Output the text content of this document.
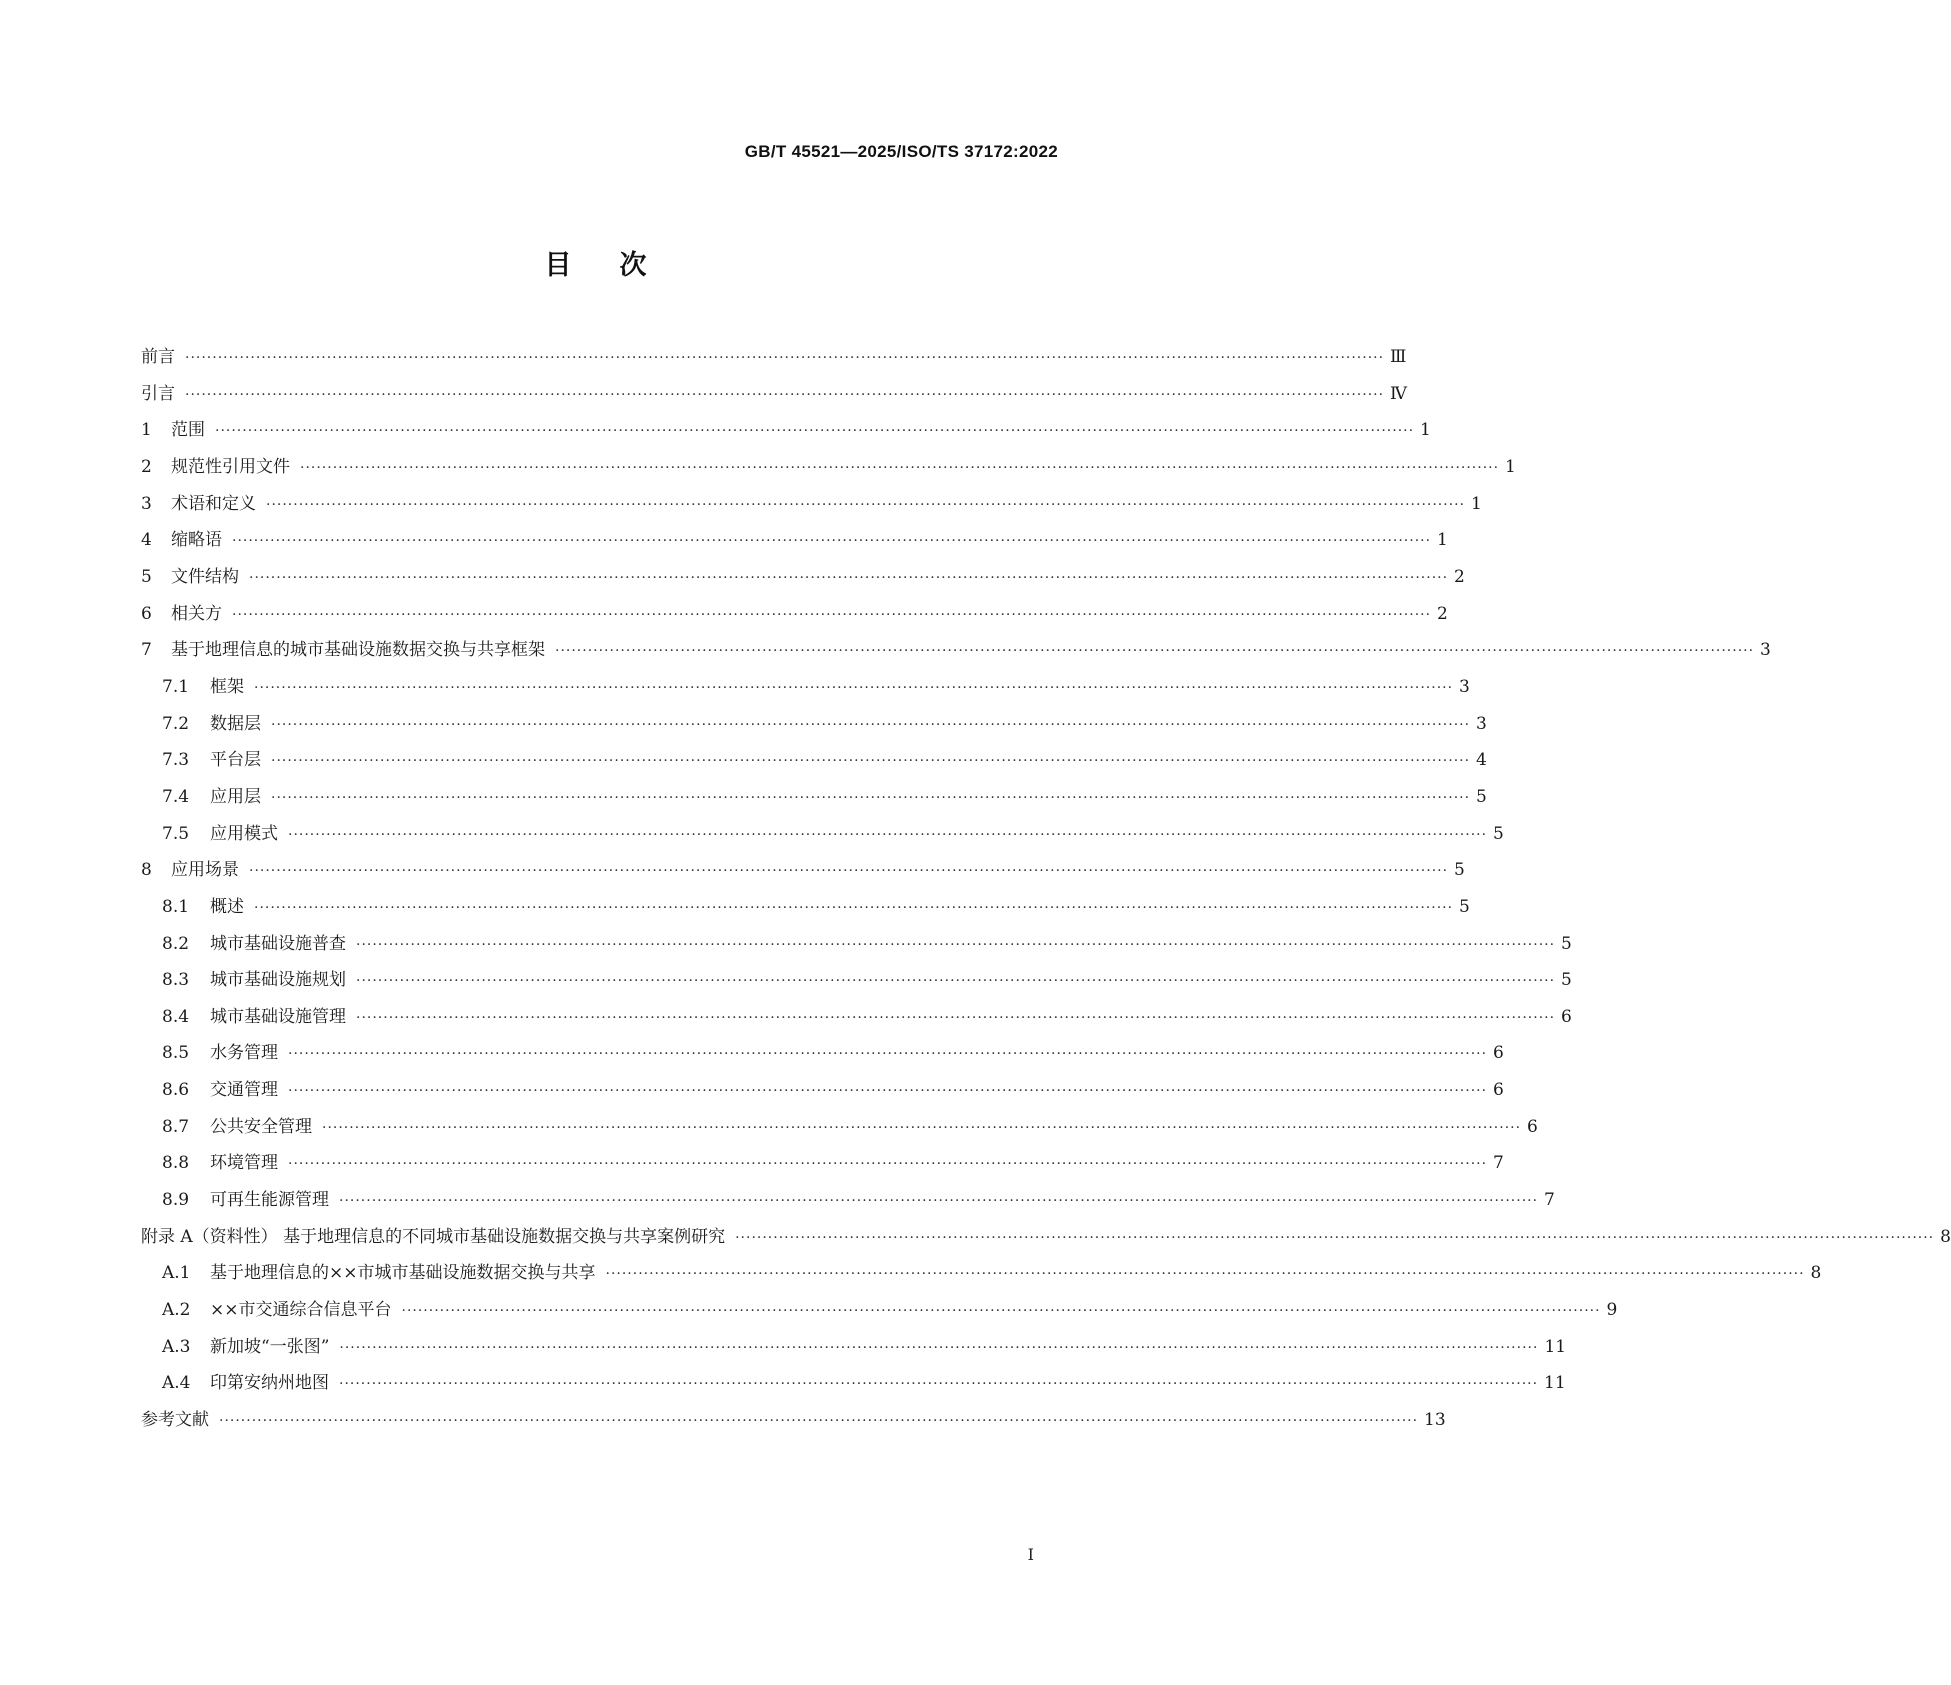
GB/T 45521—2025/ISO/TS 37172:2022
目次
前言 ···························································································································································································································· Ⅲ
引言 ···························································································································································································································· Ⅳ
1 范围 ···························································································································································································································· 1
2 规范性引用文件 ···························································································································································································································· 1
3 术语和定义 ···························································································································································································································· 1
4 缩略语 ···························································································································································································································· 1
5 文件结构 ···························································································································································································································· 2
6 相关方 ···························································································································································································································· 2
7 基于地理信息的城市基础设施数据交换与共享框架 ···························································································································································································································· 3
7.1 框架 ···························································································································································································································· 3
7.2 数据层 ···························································································································································································································· 3
7.3 平台层 ···························································································································································································································· 4
7.4 应用层 ···························································································································································································································· 5
7.5 应用模式 ···························································································································································································································· 5
8 应用场景 ···························································································································································································································· 5
8.1 概述 ···························································································································································································································· 5
8.2 城市基础设施普查 ···························································································································································································································· 5
8.3 城市基础设施规划 ···························································································································································································································· 5
8.4 城市基础设施管理 ···························································································································································································································· 6
8.5 水务管理 ···························································································································································································································· 6
8.6 交通管理 ···························································································································································································································· 6
8.7 公共安全管理 ···························································································································································································································· 6
8.8 环境管理 ···························································································································································································································· 7
8.9 可再生能源管理 ···························································································································································································································· 7
附录 A（资料性） 基于地理信息的不同城市基础设施数据交换与共享案例研究 ···························································································································································································································· 8
A.1 基于地理信息的××市城市基础设施数据交换与共享 ···························································································································································································································· 8
A.2 ××市交通综合信息平台 ···························································································································································································································· 9
A.3 新加坡“一张图” ···························································································································································································································· 11
A.4 印第安纳州地图 ···························································································································································································································· 11
参考文献 ···························································································································································································································· 13
I
